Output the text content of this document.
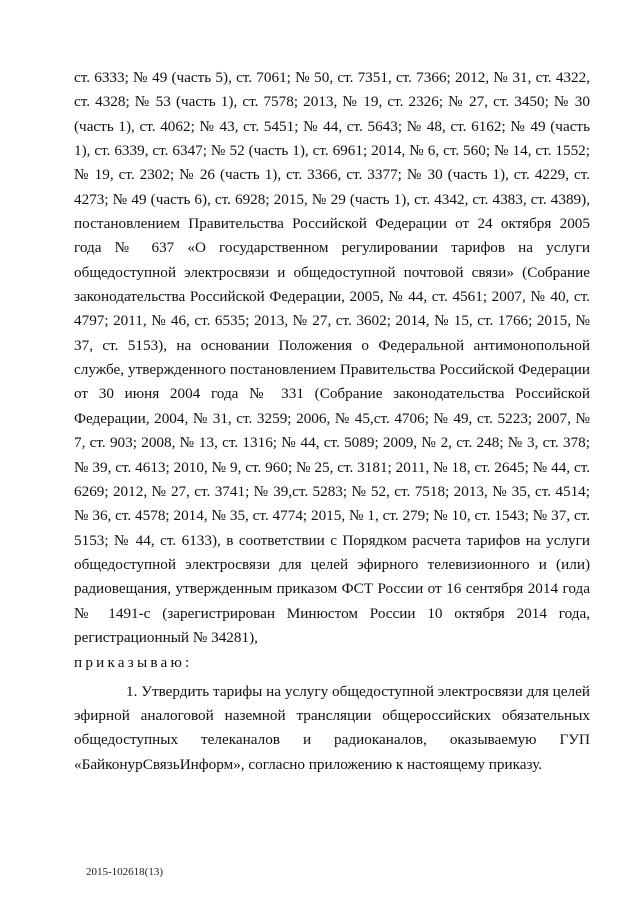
ст. 6333; № 49 (часть 5), ст. 7061; № 50, ст. 7351, ст. 7366; 2012, № 31, ст. 4322, ст. 4328; № 53 (часть 1), ст. 7578; 2013, № 19, ст. 2326; № 27, ст. 3450; № 30 (часть 1), ст. 4062; № 43, ст. 5451; № 44, ст. 5643; № 48, ст. 6162; № 49 (часть 1), ст. 6339, ст. 6347; № 52 (часть 1), ст. 6961; 2014, № 6, ст. 560; № 14, ст. 1552; № 19, ст. 2302; № 26 (часть 1), ст. 3366, ст. 3377; № 30 (часть 1), ст. 4229, ст. 4273; № 49 (часть 6), ст. 6928; 2015, № 29 (часть 1), ст. 4342, ст. 4383, ст. 4389), постановлением Правительства Российской Федерации от 24 октября 2005 года № 637 «О государственном регулировании тарифов на услуги общедоступной электросвязи и общедоступной почтовой связи» (Собрание законодательства Российской Федерации, 2005, № 44, ст. 4561; 2007, № 40, ст. 4797; 2011, № 46, ст. 6535; 2013, № 27, ст. 3602; 2014, № 15, ст. 1766; 2015, № 37, ст. 5153), на основании Положения о Федеральной антимонопольной службе, утвержденного постановлением Правительства Российской Федерации от 30 июня 2004 года № 331 (Собрание законодательства Российской Федерации, 2004, № 31, ст. 3259; 2006, № 45,ст. 4706; № 49, ст. 5223; 2007, № 7, ст. 903; 2008, № 13, ст. 1316; № 44, ст. 5089; 2009, № 2, ст. 248; № 3, ст. 378; № 39, ст. 4613; 2010, № 9, ст. 960; № 25, ст. 3181; 2011, № 18, ст. 2645; № 44, ст. 6269; 2012, № 27, ст. 3741; № 39,ст. 5283; № 52, ст. 7518; 2013, № 35, ст. 4514; № 36, ст. 4578; 2014, № 35, ст. 4774; 2015, № 1, ст. 279; № 10, ст. 1543; № 37, ст. 5153; № 44, ст. 6133), в соответствии с Порядком расчета тарифов на услуги общедоступной электросвязи для целей эфирного телевизионного и (или) радиовещания, утвержденным приказом ФСТ России от 16 сентября 2014 года № 1491-с (зарегистрирован Минюстом России 10 октября 2014 года, регистрационный № 34281),

приказываю:

1. Утвердить тарифы на услугу общедоступной электросвязи для целей эфирной аналоговой наземной трансляции общероссийских обязательных общедоступных телеканалов и радиоканалов, оказываемую ГУП «БайконурСвязьИнформ», согласно приложению к настоящему приказу.

2015-102618(13)
